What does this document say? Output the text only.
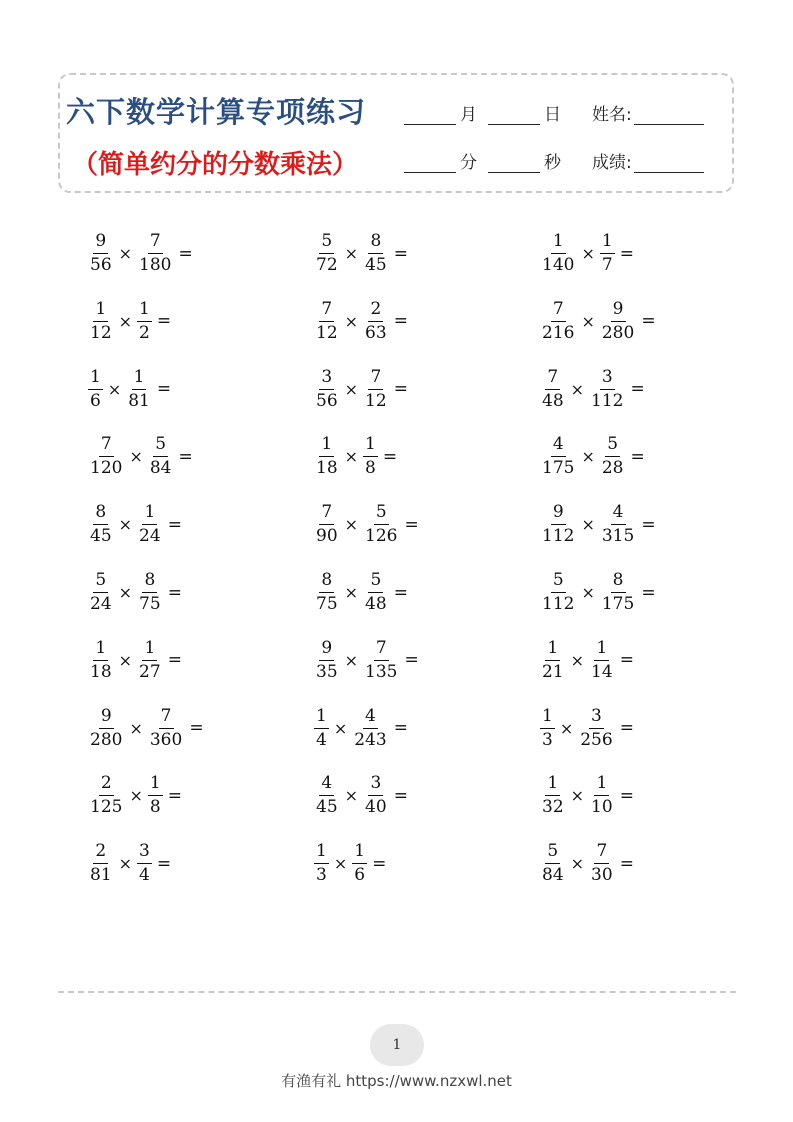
六下数学计算专项练习
（简单约分的分数乘法）
月	日 姓名:
分	秒 成绩:
$\frac{9}{56} \times \frac{7}{180}$ =	$\frac{5}{72} \times \frac{8}{45}$ =	$\frac{1}{140} \times \frac{1}{7}$ =
$\frac{1}{12} \times \frac{1}{2}$ =	$\frac{7}{12} \times \frac{2}{63}$ =	$\frac{7}{216} \times \frac{9}{280}$ =
$\frac{1}{6} \times \frac{1}{81}$ =	$\frac{3}{56} \times \frac{7}{12}$ =	$\frac{7}{48} \times \frac{3}{112}$ =
$\frac{7}{120} \times \frac{5}{84}$ =	$\frac{1}{18} \times \frac{1}{8}$ =	$\frac{4}{175} \times \frac{5}{28}$ =
$\frac{8}{45} \times \frac{1}{24}$ =	$\frac{7}{90} \times \frac{5}{126}$ =	$\frac{9}{112} \times \frac{4}{315}$ =
$\frac{5}{24} \times \frac{8}{75}$ =	$\frac{8}{75} \times \frac{5}{48}$ =	$\frac{5}{112} \times \frac{8}{175}$ =
$\frac{1}{18} \times \frac{1}{27}$ =	$\frac{9}{35} \times \frac{7}{135}$ =	$\frac{1}{21} \times \frac{1}{14}$ =
$\frac{9}{280} \times \frac{7}{360}$ =	$\frac{1}{4} \times \frac{4}{243}$ =	$\frac{1}{3} \times \frac{3}{256}$ =
$\frac{2}{125} \times \frac{1}{8}$ =	$\frac{4}{45} \times \frac{3}{40}$ =	$\frac{1}{32} \times \frac{1}{10}$ =
$\frac{2}{81} \times \frac{3}{4}$ =	$\frac{1}{3} \times \frac{1}{6}$ =	$\frac{5}{84} \times \frac{7}{30}$ =
1
有渔有礼 https://www.nzxwl.net
